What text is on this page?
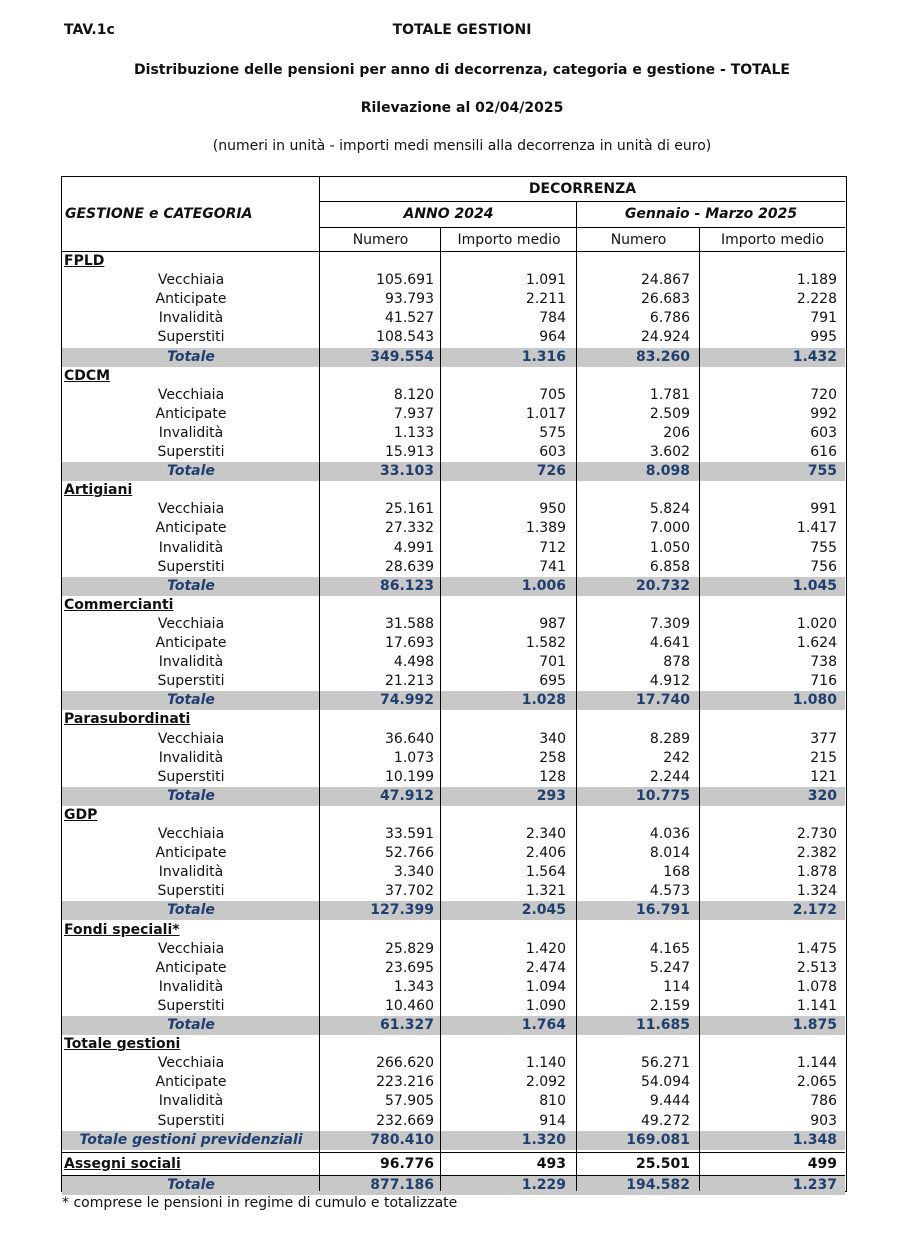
TAV.1c	TOTALE GESTIONI
Distribuzione delle pensioni per anno di decorrenza, categoria e gestione - TOTALE
Rilevazione al 02/04/2025
(numeri in unità - importi medi mensili alla decorrenza in unità di euro)
GESTIONE e CATEGORIA
DECORRENZA
ANNO 2024	Gennaio - Marzo 2025
Numero	Importo medio	Numero	Importo medio
FPLD
Vecchiaia	105.691	1.091	24.867	1.189
Anticipate	93.793	2.211	26.683	2.228
Invalidità	41.527	784	6.786	791
Superstiti	108.543	964	24.924	995
Totale	349.554	1.316	83.260	1.432
CDCM
Vecchiaia	8.120	705	1.781	720
Anticipate	7.937	1.017	2.509	992
Invalidità	1.133	575	206	603
Superstiti	15.913	603	3.602	616
Totale	33.103	726	8.098	755
Artigiani
Vecchiaia	25.161	950	5.824	991
Anticipate	27.332	1.389	7.000	1.417
Invalidità	4.991	712	1.050	755
Superstiti	28.639	741	6.858	756
Totale	86.123	1.006	20.732	1.045
Commercianti
Vecchiaia	31.588	987	7.309	1.020
Anticipate	17.693	1.582	4.641	1.624
Invalidità	4.498	701	878	738
Superstiti	21.213	695	4.912	716
Totale	74.992	1.028	17.740	1.080
Parasubordinati
Vecchiaia	36.640	340	8.289	377
Invalidità	1.073	258	242	215
Superstiti	10.199	128	2.244	121
Totale	47.912	293	10.775	320
GDP
Vecchiaia	33.591	2.340	4.036	2.730
Anticipate	52.766	2.406	8.014	2.382
Invalidità	3.340	1.564	168	1.878
Superstiti	37.702	1.321	4.573	1.324
Totale	127.399	2.045	16.791	2.172
Fondi speciali*
Vecchiaia	25.829	1.420	4.165	1.475
Anticipate	23.695	2.474	5.247	2.513
Invalidità	1.343	1.094	114	1.078
Superstiti	10.460	1.090	2.159	1.141
Totale	61.327	1.764	11.685	1.875
Totale gestioni
Vecchiaia	266.620	1.140	56.271	1.144
Anticipate	223.216	2.092	54.094	2.065
Invalidità	57.905	810	9.444	786
Superstiti	232.669	914	49.272	903
Totale gestioni previdenziali	780.410	1.320	169.081	1.348
Assegni sociali	96.776	493	25.501	499
Totale	877.186	1.229	194.582	1.237
* comprese le pensioni in regime di cumulo e totalizzate
